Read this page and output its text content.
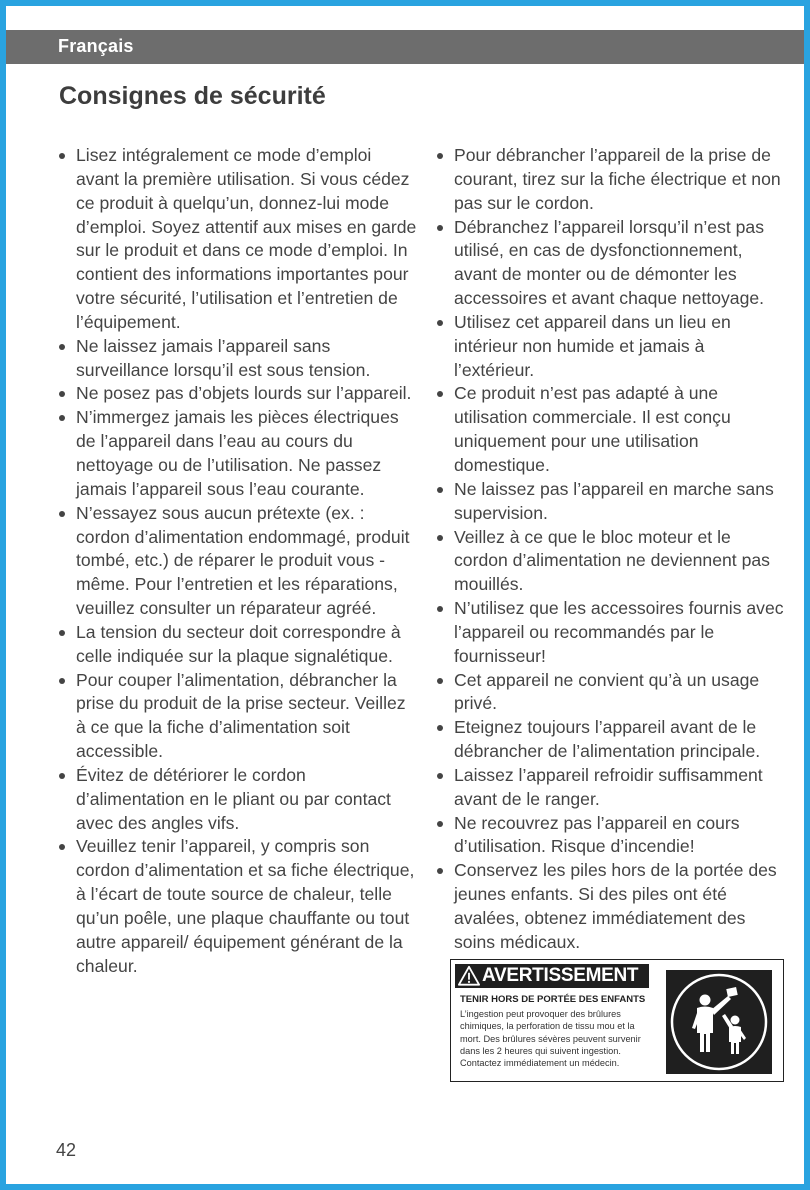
Français
Consignes de sécurité
Lisez intégralement ce mode d’emploi avant la première utilisation. Si vous cédez ce produit à quelqu’un, donnez-lui mode d’emploi. Soyez attentif aux mises en garde sur le produit et dans ce mode d’emploi. In contient des informations importantes pour votre sécurité, l’utilisation et l’entretien de l’équipement.
Ne laissez jamais l’appareil sans surveillance lorsqu’il est sous tension.
Ne posez pas d’objets lourds sur l’appareil.
N’immergez jamais les pièces électriques de l’appareil dans l’eau au cours du nettoyage ou de l’utilisation. Ne passez jamais l’appareil sous l’eau courante.
N’essayez sous aucun prétexte (ex. : cordon d’alimentation endommagé, produit tombé, etc.) de réparer le produit vous -même. Pour l’entretien et les réparations, veuillez consulter un réparateur agréé.
La tension du secteur doit correspondre à celle indiquée sur la plaque signalétique.
Pour couper l’alimentation, débrancher la prise du produit de la prise secteur. Veillez à ce que la fiche d’alimentation soit accessible.
Évitez de détériorer le cordon d’alimentation en le pliant ou par contact avec des angles vifs.
Veuillez tenir l’appareil, y compris son cordon d’alimentation et sa fiche électrique, à l’écart de toute source de chaleur, telle qu’un poêle, une plaque chauffante ou tout autre appareil/ équipement générant de la chaleur.
Pour débrancher l’appareil de la prise de courant, tirez sur la fiche électrique et non pas sur le cordon.
Débranchez l’appareil lorsqu’il n’est pas utilisé, en cas de dysfonctionnement, avant de monter ou de démonter les accessoires et avant chaque nettoyage.
Utilisez cet appareil dans un lieu en intérieur non humide et jamais à l’extérieur.
Ce produit n’est pas adapté à une utilisation commerciale. Il est conçu uniquement pour une utilisation domestique.
Ne laissez pas l’appareil en marche sans supervision.
Veillez à ce que le bloc moteur et le cordon d’alimentation ne deviennent pas mouillés.
N’utilisez que les accessoires fournis avec l’appareil ou recommandés par le fournisseur!
Cet appareil ne convient qu’à un usage privé.
Eteignez toujours l’appareil avant de le débrancher de l’alimentation principale.
Laissez l’appareil refroidir suffisamment avant de le ranger.
Ne recouvrez pas l’appareil en cours d’utilisation. Risque d’incendie!
Conservez les piles hors de la portée des jeunes enfants. Si des piles ont été avalées, obtenez immédiatement des soins médicaux.
AVERTISSEMENT
TENIR HORS DE PORTÉE DES ENFANTS
L’ingestion peut provoquer des brûlures chimiques, la perforation de tissu mou et la mort. Des brûlures sévères peuvent survenir dans les 2 heures qui suivent ingestion. Contactez immédiatement un médecin.
42
